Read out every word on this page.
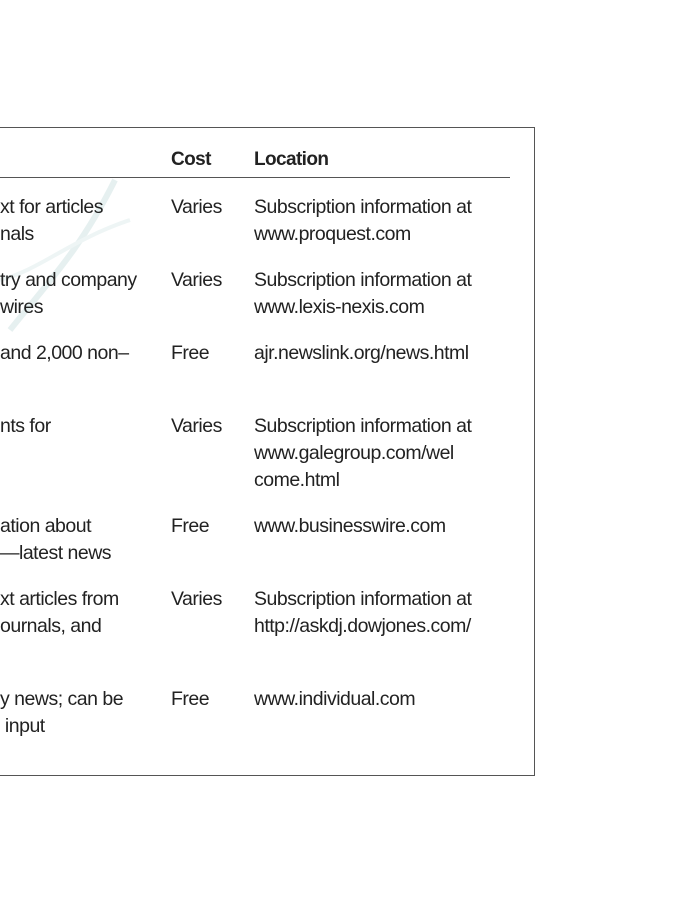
Cost Location
xt for articles
nals
Varies Subscription information at
www.proquest.com
try and company
wires
Varies Subscription information at
www.lexis-nexis.com
and 2,000 non–	Free ajr.newslink.org/news.html
nts for	Varies Subscription information at
www.galegroup.com/wel
come.html
ation about
—latest news
Free www.businesswire.com
xt articles from
ournals, and
Varies Subscription information at
http://askdj.dowjones.com/
y news; can be
input
Free www.individual.com
